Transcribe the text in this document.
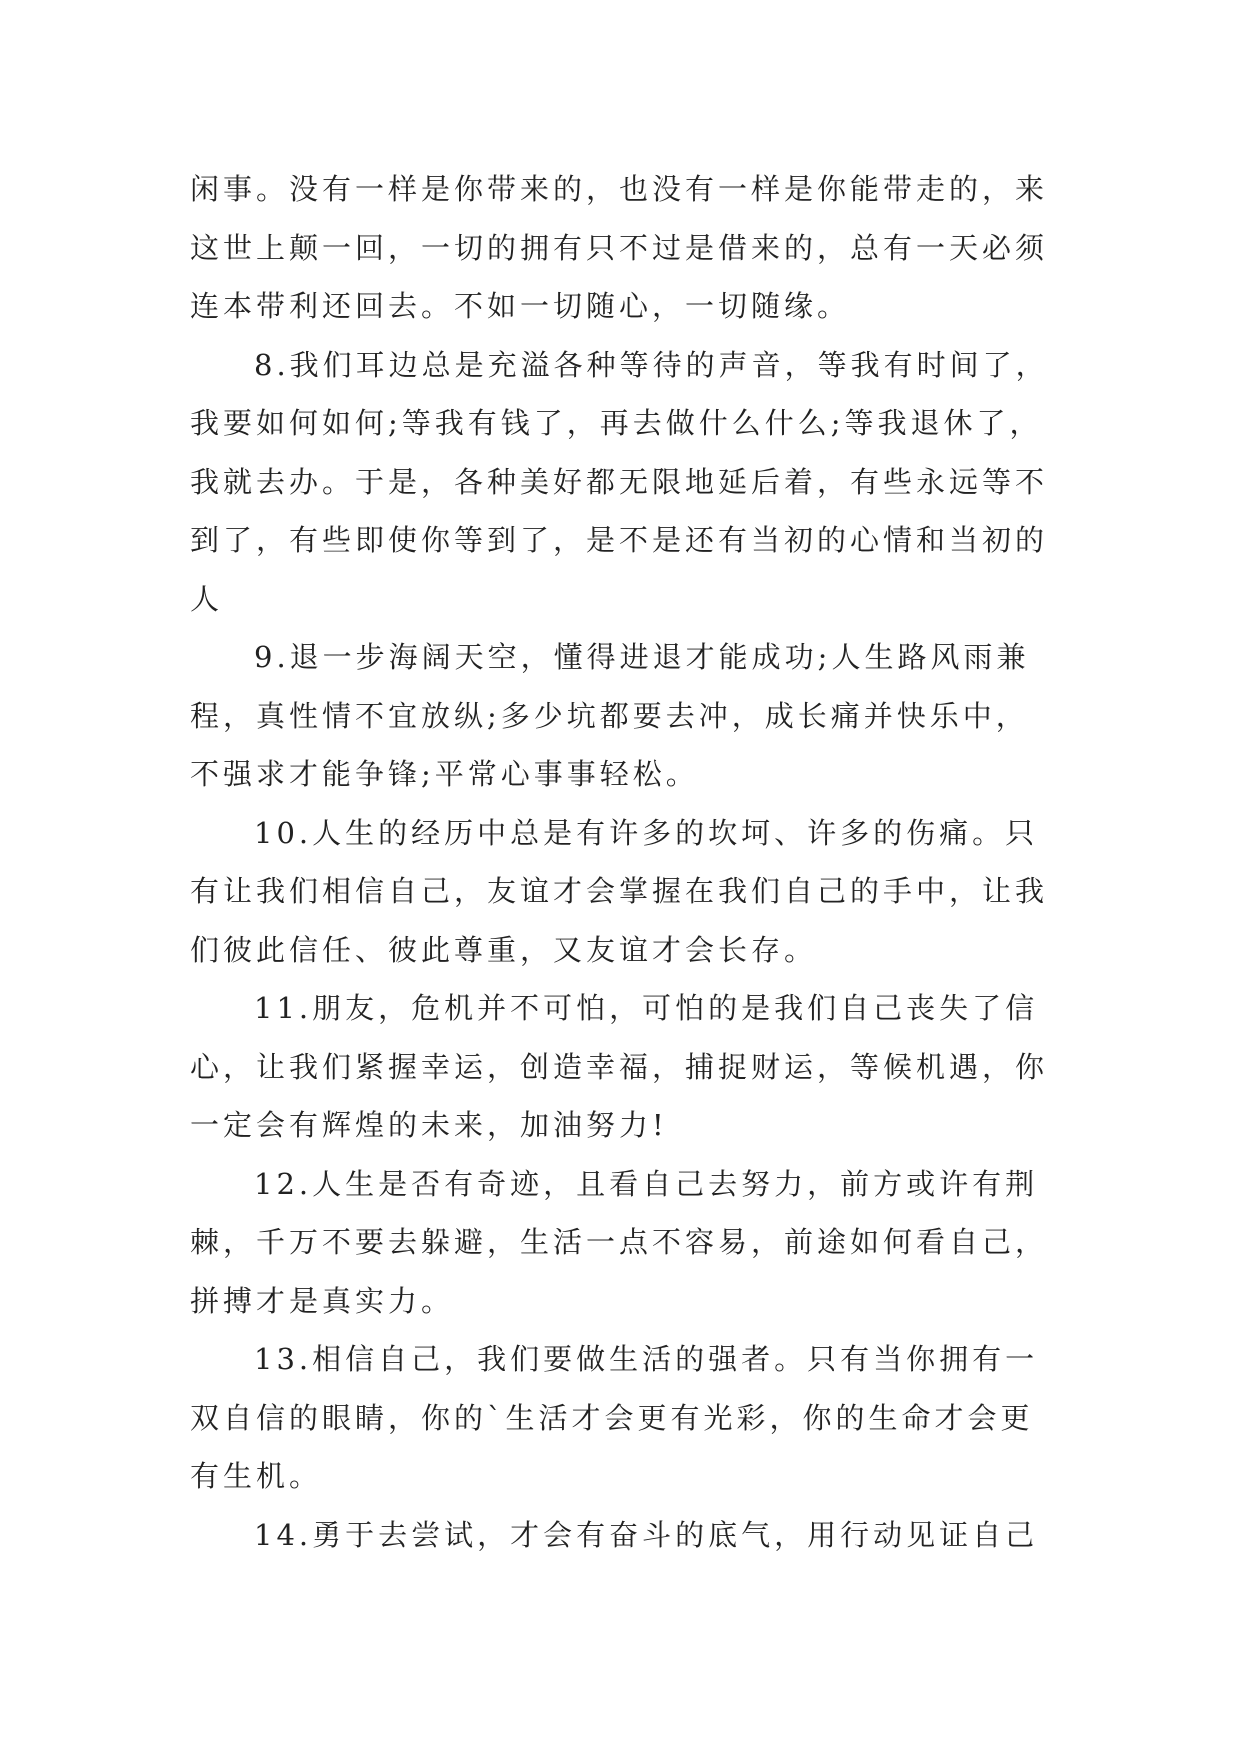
闲事。没有一样是你带来的，也没有一样是你能带走的，来
这世上颠一回，一切的拥有只不过是借来的，总有一天必须
连本带利还回去。不如一切随心，一切随缘。
8.我们耳边总是充溢各种等待的声音，等我有时间了，
我要如何如何;等我有钱了，再去做什么什么;等我退休了，
我就去办。于是，各种美好都无限地延后着，有些永远等不
到了，有些即使你等到了，是不是还有当初的心情和当初的
人
9.退一步海阔天空，懂得进退才能成功;人生路风雨兼
程，真性情不宜放纵;多少坑都要去冲，成长痛并快乐中，
不强求才能争锋;平常心事事轻松。
10.人生的经历中总是有许多的坎坷、许多的伤痛。只
有让我们相信自己，友谊才会掌握在我们自己的手中，让我
们彼此信任、彼此尊重，又友谊才会长存。
11.朋友，危机并不可怕，可怕的是我们自己丧失了信
心，让我们紧握幸运，创造幸福，捕捉财运，等候机遇，你
一定会有辉煌的未来，加油努力!
12.人生是否有奇迹，且看自己去努力，前方或许有荆
棘，千万不要去躲避，生活一点不容易，前途如何看自己，
拼搏才是真实力。
13.相信自己，我们要做生活的强者。只有当你拥有一
双自信的眼睛，你的`生活才会更有光彩，你的生命才会更
有生机。
14.勇于去尝试，才会有奋斗的底气，用行动见证自己
